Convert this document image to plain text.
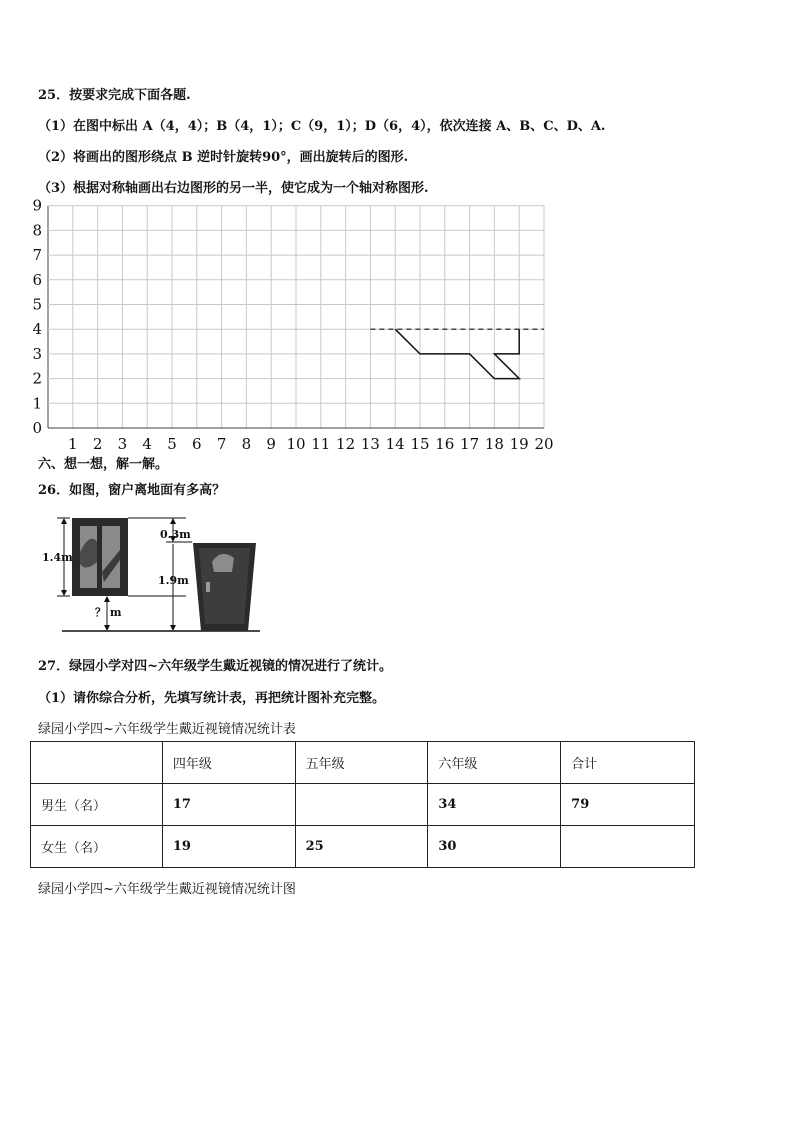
25．按要求完成下面各题.
（1）在图中标出 A（4，4）；B（4，1）；C（9，1）；D（6，4），依次连接 A、B、C、D、A.
（2）将画出的图形绕点 B 逆时针旋转90°，画出旋转后的图形.
（3）根据对称轴画出右边图形的另一半，使它成为一个轴对称图形.
1 2 3 4 5 6 7 8 9 10 11 12 13 14 15 16 17 18 19 20
0
1
2
3
4
5
6
7
8
9
六、想一想，解一解。
26．如图，窗户离地面有多高？
1.4m
？ m
0.3m
1.9m
27．绿园小学对四~六年级学生戴近视镜的情况进行了统计。
（1）请你综合分析，先填写统计表，再把统计图补充完整。
绿园小学四~六年级学生戴近视镜情况统计表
	四年级	五年级	六年级	合计
男生（名）	17		34	79
女生（名）	19	25	30	
绿园小学四~六年级学生戴近视镜情况统计图
